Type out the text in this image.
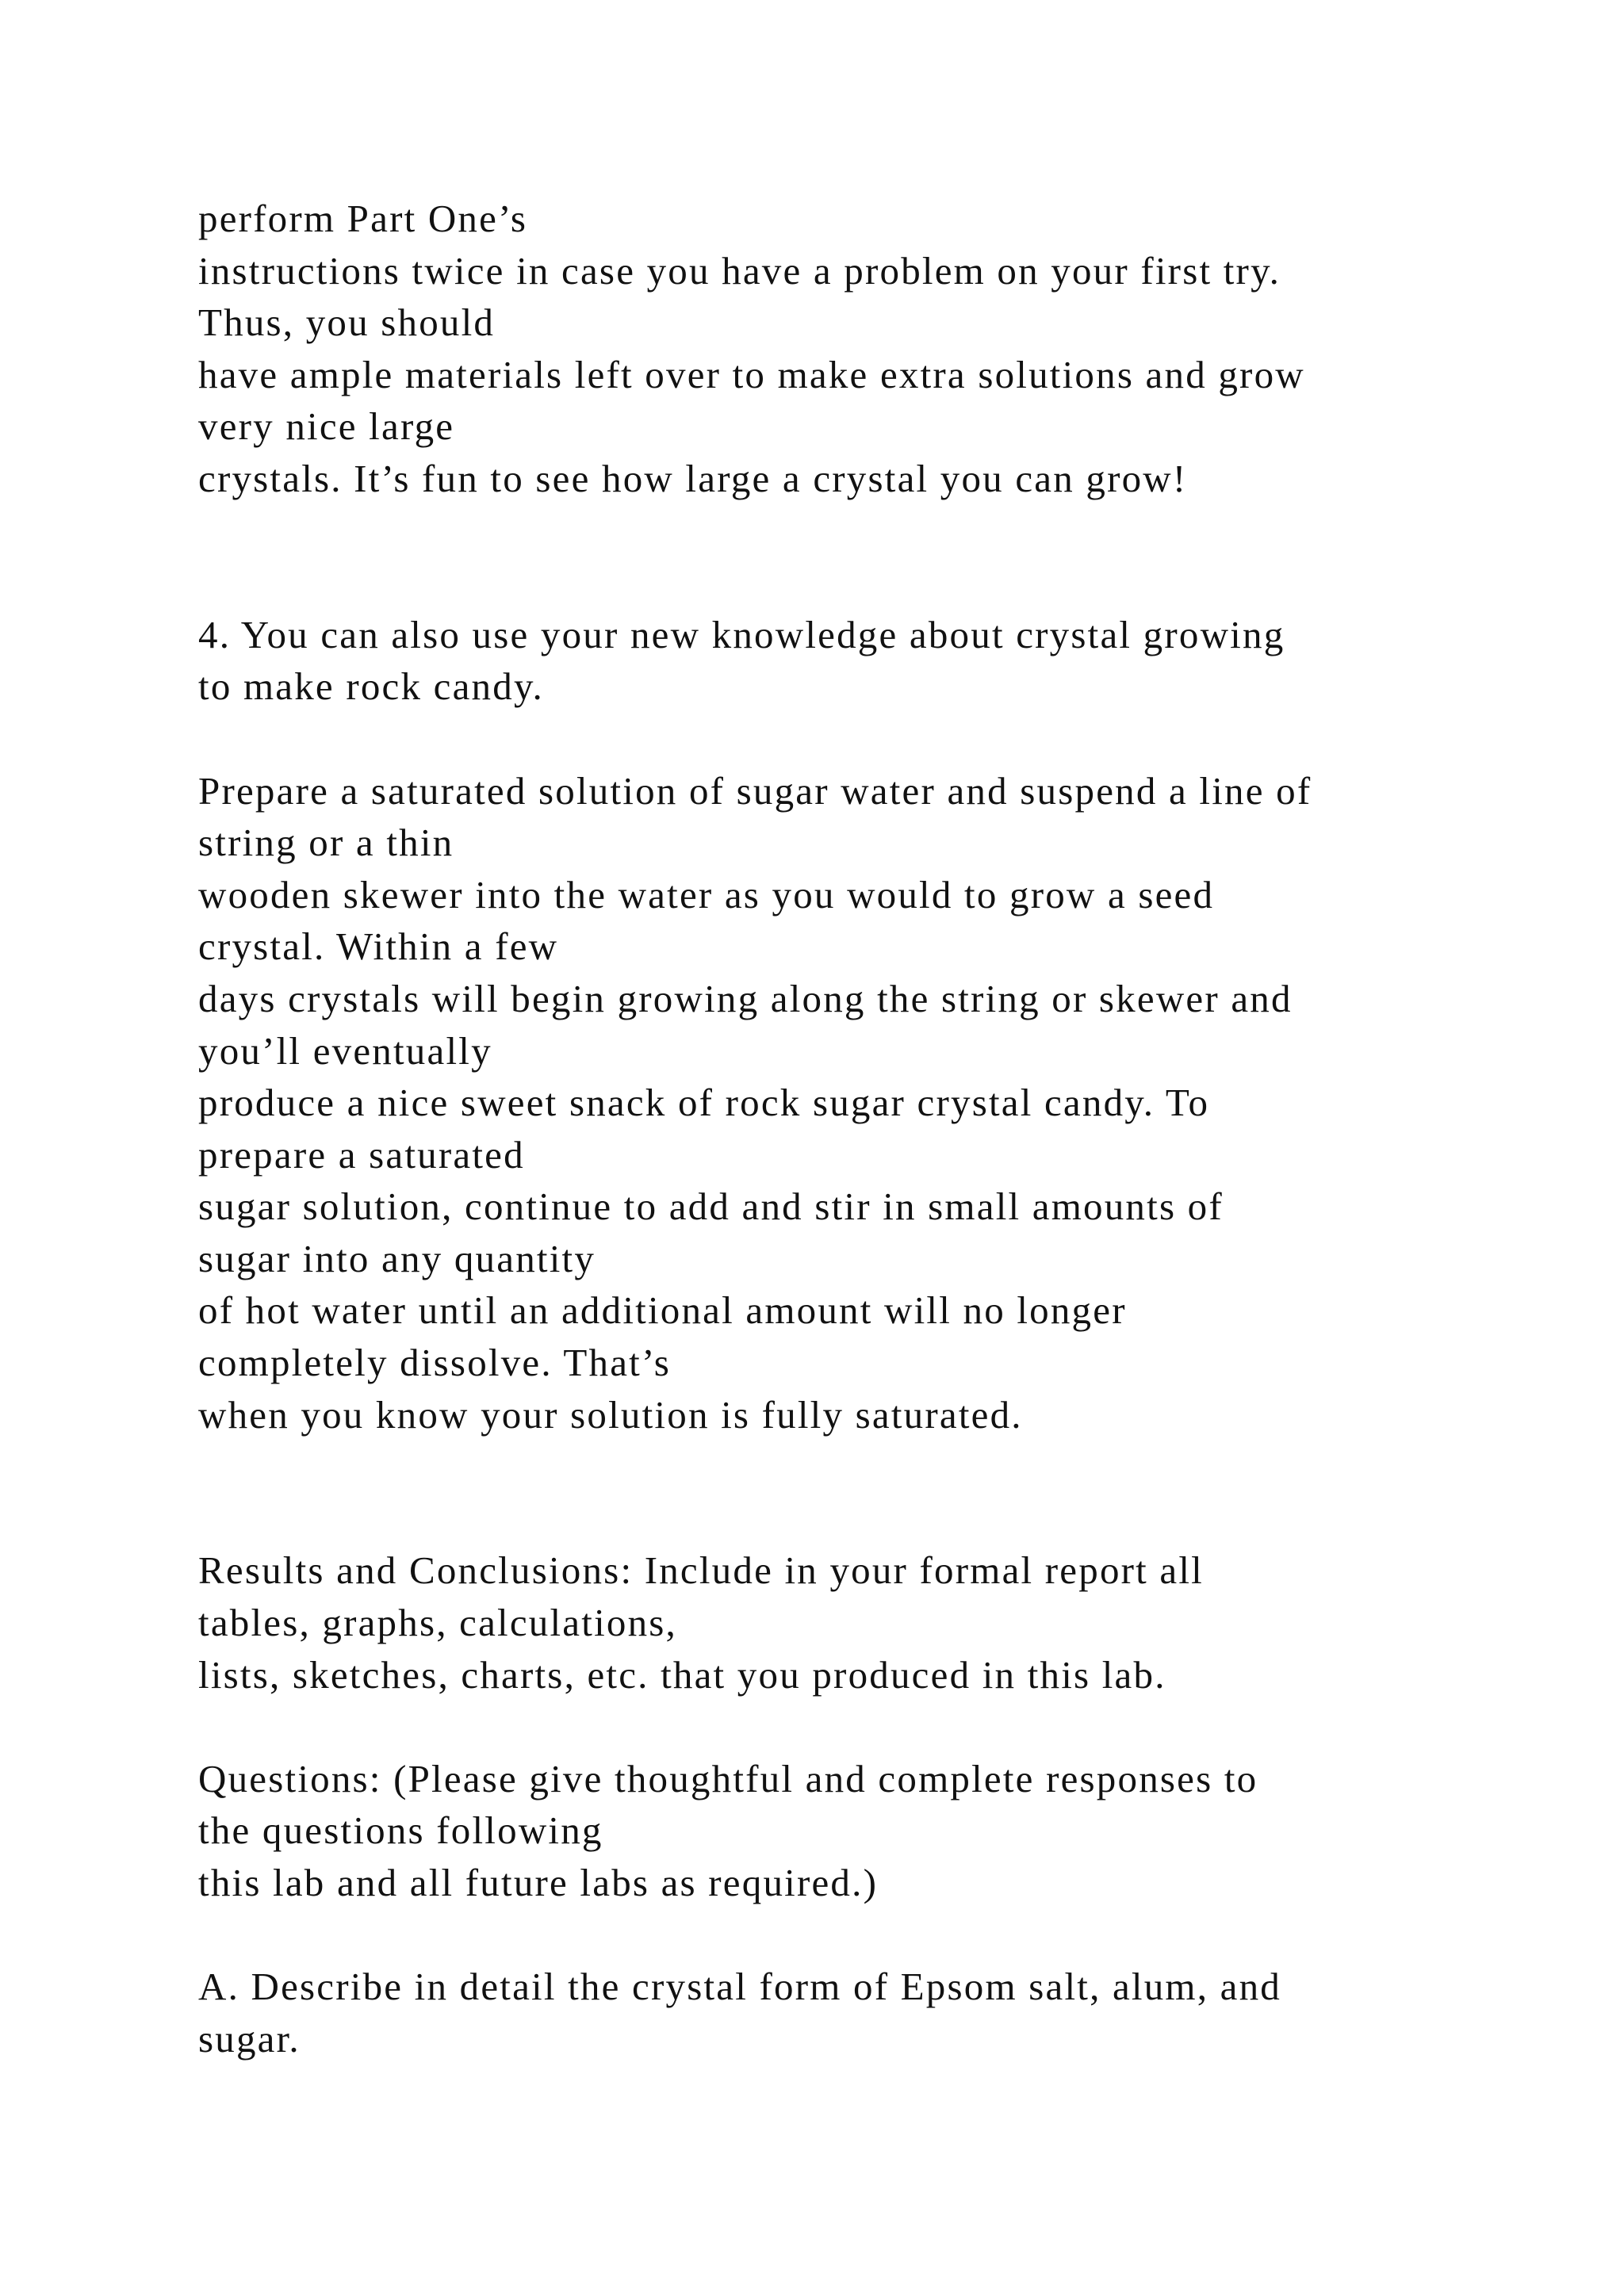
perform Part One’s
instructions twice in case you have a problem on your first try.
Thus, you should
have ample materials left over to make extra solutions and grow
very nice large
crystals. It’s fun to see how large a crystal you can grow!
4. You can also use your new knowledge about crystal growing
to make rock candy.
Prepare a saturated solution of sugar water and suspend a line of
string or a thin
wooden skewer into the water as you would to grow a seed
crystal. Within a few
days crystals will begin growing along the string or skewer and
you’ll eventually
produce a nice sweet snack of rock sugar crystal candy. To
prepare a saturated
sugar solution, continue to add and stir in small amounts of
sugar into any quantity
of hot water until an additional amount will no longer
completely dissolve. That’s
when you know your solution is fully saturated.
Results and Conclusions: Include in your formal report all
tables, graphs, calculations,
lists, sketches, charts, etc. that you produced in this lab.
Questions: (Please give thoughtful and complete responses to
the questions following
this lab and all future labs as required.)
A. Describe in detail the crystal form of Epsom salt, alum, and
sugar.
